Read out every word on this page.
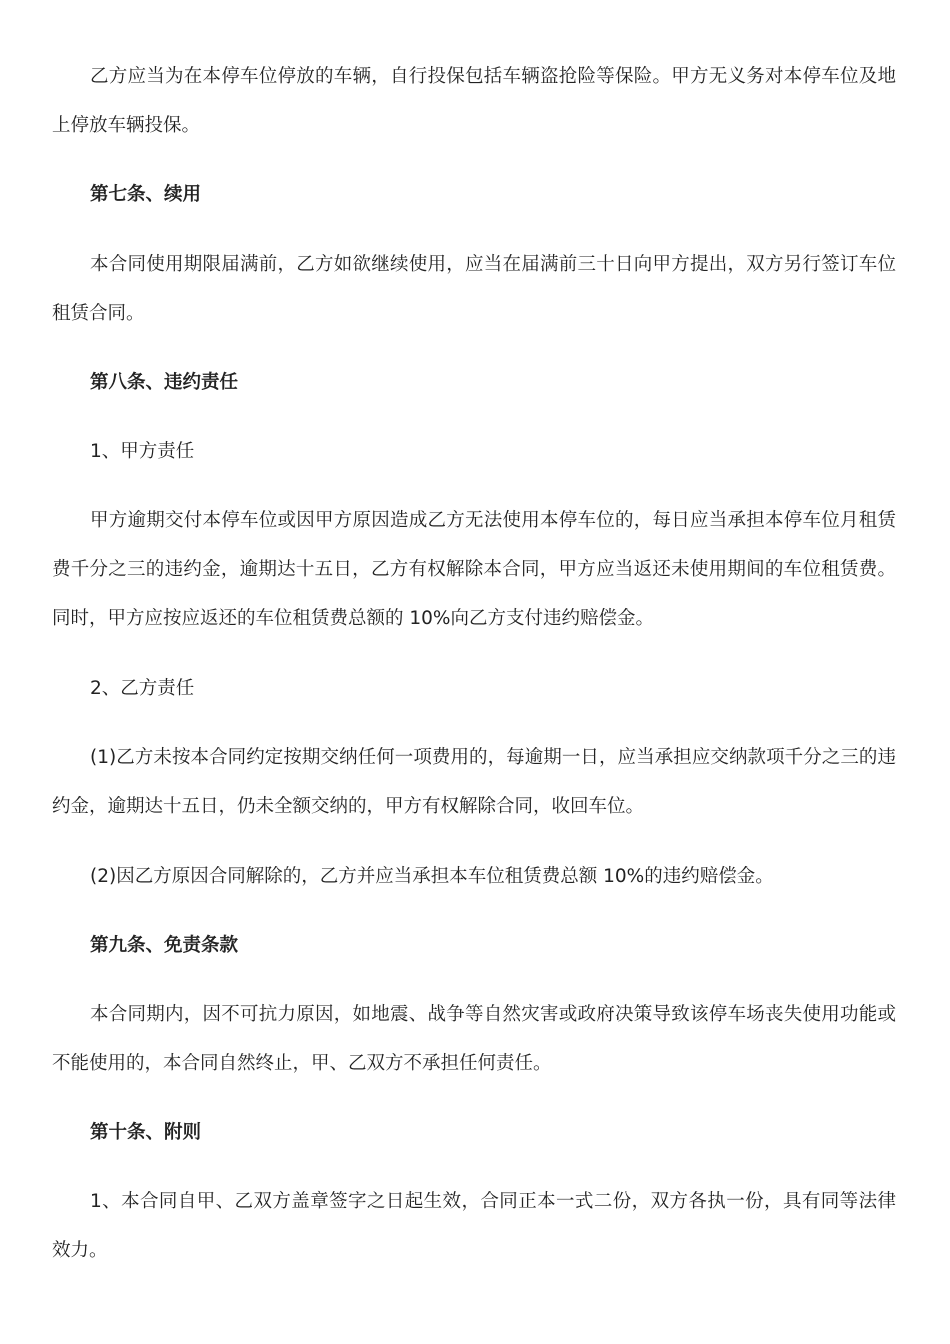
乙方应当为在本停车位停放的车辆，自行投保包括车辆盗抢险等保险。甲方无义务对本停车位及地上停放车辆投保。

第七条、续用

本合同使用期限届满前，乙方如欲继续使用，应当在届满前三十日向甲方提出，双方另行签订车位租赁合同。

第八条、违约责任

1、甲方责任

甲方逾期交付本停车位或因甲方原因造成乙方无法使用本停车位的，每日应当承担本停车位月租赁费千分之三的违约金，逾期达十五日，乙方有权解除本合同，甲方应当返还未使用期间的车位租赁费。同时，甲方应按应返还的车位租赁费总额的 10%向乙方支付违约赔偿金。

2、乙方责任

(1)乙方未按本合同约定按期交纳任何一项费用的，每逾期一日，应当承担应交纳款项千分之三的违约金，逾期达十五日，仍未全额交纳的，甲方有权解除合同，收回车位。

(2)因乙方原因合同解除的，乙方并应当承担本车位租赁费总额 10%的违约赔偿金。

第九条、免责条款

本合同期内，因不可抗力原因，如地震、战争等自然灾害或政府决策导致该停车场丧失使用功能或不能使用的，本合同自然终止，甲、乙双方不承担任何责任。

第十条、附则

1、本合同自甲、乙双方盖章签字之日起生效，合同正本一式二份，双方各执一份，具有同等法律效力。
